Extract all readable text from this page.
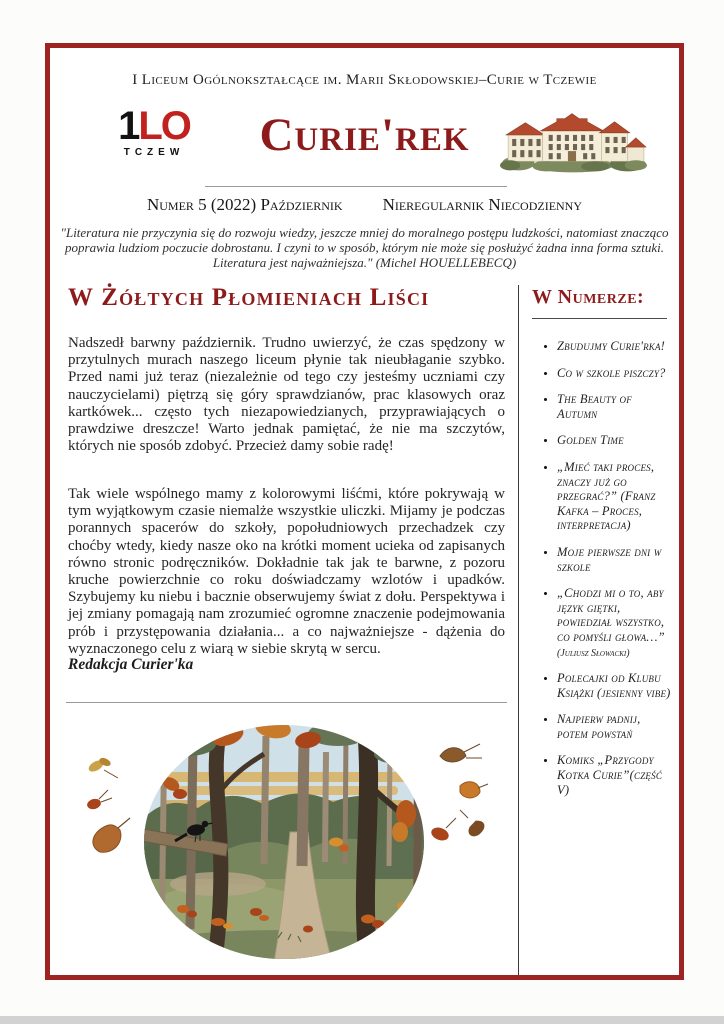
I Liceum Ogólnokształcące im. Marii Skłodowskiej–Curie w Tczewie
1LO
TCZEW	Curie'rek
Numer 5 (2022) Październik Nieregularnik Niecodzienny
"Literatura nie przyczynia się do rozwoju wiedzy, jeszcze mniej do moralnego postępu ludzkości, natomiast znacząco poprawia ludziom poczucie dobrostanu. I czyni to w sposób, którym nie może się posłużyć żadna inna forma sztuki. Literatura jest najważniejsza." (Michel HOUELLEBECQ)
W Żółtych Płomieniach Liści
Nadszedł barwny październik. Trudno uwierzyć, że czas spędzony w przytulnych murach naszego liceum płynie tak nieubłaganie szybko. Przed nami już teraz (niezależnie od tego czy jesteśmy uczniami czy nauczycielami) piętrzą się góry sprawdzianów, prac klasowych oraz kartkówek... często tych niezapowiedzianych, przyprawiających o prawdziwe dreszcze! Warto jednak pamiętać, że nie ma szczytów, których nie sposób zdobyć. Przecież damy sobie radę!
Tak wiele wspólnego mamy z kolorowymi liśćmi, które pokrywają w tym wyjątkowym czasie niemalże wszystkie uliczki. Mijamy je podczas porannych spacerów do szkoły, popołudniowych przechadzek czy choćby wtedy, kiedy nasze oko na krótki moment ucieka od zapisanych równo stronic podręczników. Dokładnie tak jak te barwne, z pozoru kruche powierzchnie co roku doświadczamy wzlotów i upadków. Szybujemy ku niebu i bacznie obserwujemy świat z dołu. Perspektywa i jej zmiany pomagają nam zrozumieć ogromne znaczenie podejmowania prób i przystępowania działania... a co najważniejsze - dążenia do wyznaczonego celu z wiarą w siebie skrytą w sercu.
Redakcja Curier'ka
W Numerze:
• Zbudujmy Curie'rka!
• Co w szkole piszczy?
• The Beauty of Autumn
• Golden Time
• „Mieć taki proces, znaczy już go przegrać?” (Franz Kafka – Proces, interpretacja)
• Moje pierwsze dni w szkole
• „Chodzi mi o to, aby język giętki, powiedział wszystko, co pomyśli głowa…” (Juliusz Słowacki)
• Polecajki od Klubu Książki (jesienny vibe)
• Najpierw padnij, potem powstań
• Komiks „Przygody Kotka Curie”(część V)
